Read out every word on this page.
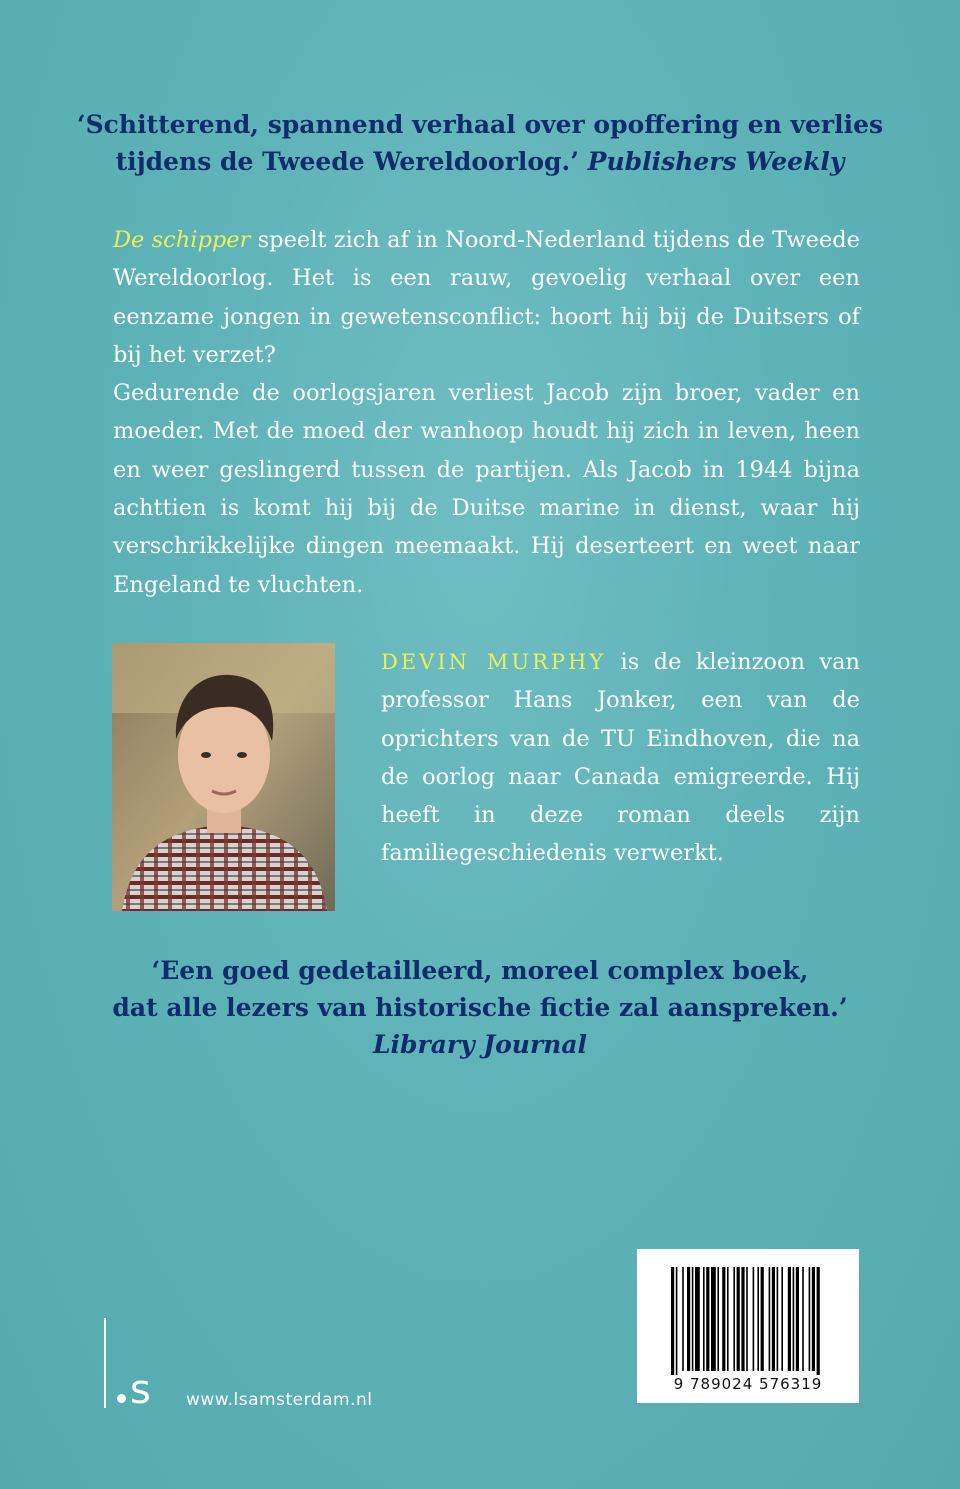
‘Schitterend, spannend verhaal over opoffering en verlies
tijdens de Tweede Wereldoorlog.’ Publishers Weekly

De schipper speelt zich af in Noord-Nederland tijdens de Tweede Wereldoorlog. Het is een rauw, gevoelig verhaal over een eenzame jongen in gewetensconflict: hoort hij bij de Duitsers of bij het verzet?

Gedurende de oorlogsjaren verliest Jacob zijn broer, vader en moeder. Met de moed der wanhoop houdt hij zich in leven, heen en weer geslingerd tussen de partijen. Als Jacob in 1944 bijna achttien is komt hij bij de Duitse marine in dienst, waar hij verschrikkelijke dingen meemaakt. Hij deserteert en weet naar Engeland te vluchten.

DEVIN MURPHY is de kleinzoon van professor Hans Jonker, een van de oprichters van de TU Eindhoven, die na de oorlog naar Canada emigreerde. Hij heeft in deze roman deels zijn familiegeschiedenis verwerkt.

‘Een goed gedetailleerd, moreel complex boek,
dat alle lezers van historische fictie zal aanspreken.’
Library Journal
9 789024 576319
s www.lsamsterdam.nl
